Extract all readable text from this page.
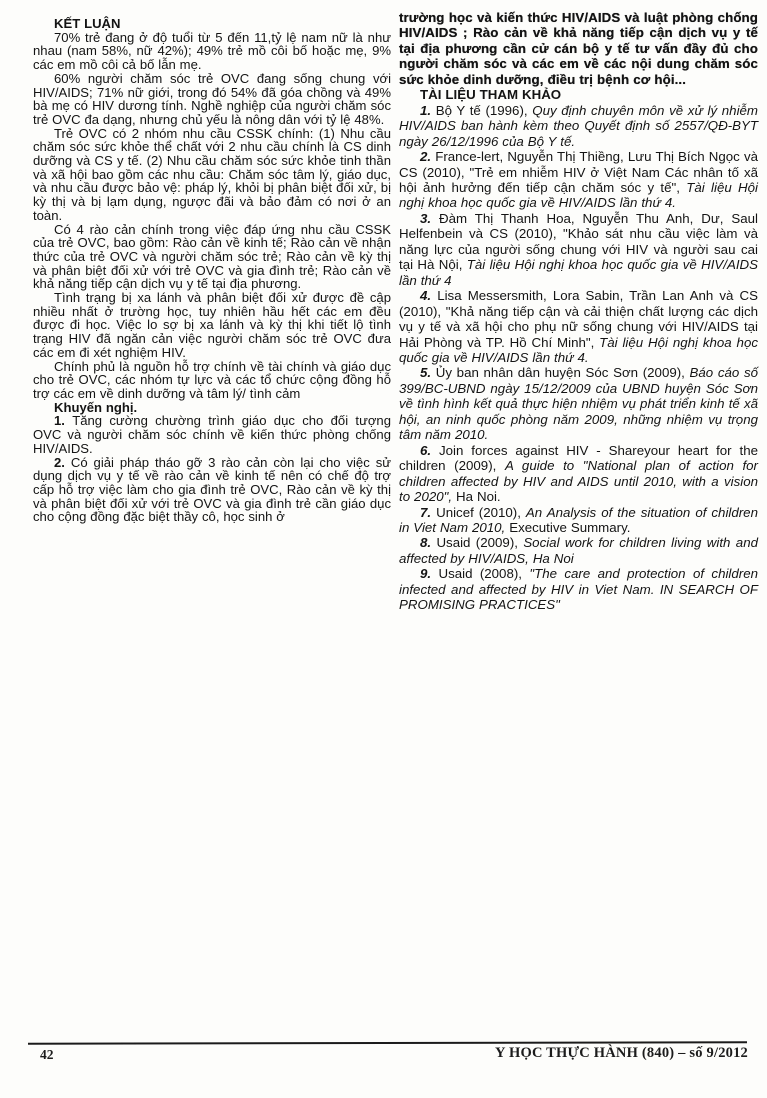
KẾT LUẬN

70% trẻ đang ở độ tuổi từ 5 đến 11,tỷ lệ nam nữ là như nhau (nam 58%, nữ 42%); 49% trẻ mồ côi bố hoặc mẹ, 9% các em mồ côi cả bố lẫn mẹ.

60% người chăm sóc trẻ OVC đang sống chung với HIV/AIDS; 71% nữ giới, trong đó 54% đã góa chồng và 49% bà mẹ có HIV dương tính. Nghề nghiệp của người chăm sóc trẻ OVC đa dạng, nhưng chủ yếu là nông dân với tỷ lệ 48%.

Trẻ OVC có 2 nhóm nhu cầu CSSK chính: (1) Nhu cầu chăm sóc sức khỏe thể chất với 2 nhu cầu chính là CS dinh dưỡng và CS y tế. (2) Nhu cầu chăm sóc sức khỏe tinh thần và xã hội bao gồm các nhu cầu: Chăm sóc tâm lý, giáo dục, và nhu cầu được bảo vệ: pháp lý, khỏi bị phân biệt đối xử, bị kỳ thị và bị lạm dụng, ngược đãi và bảo đảm có nơi ở an toàn.

Có 4 rào cản chính trong việc đáp ứng nhu cầu CSSK của trẻ OVC, bao gồm: Rào cản về kinh tế; Rào cản về nhận thức của trẻ OVC và người chăm sóc trẻ; Rào cản về kỳ thị và phân biệt đối xử với trẻ OVC và gia đình trẻ; Rào cản về khả năng tiếp cận dịch vụ y tế tại địa phương.

Tình trạng bị xa lánh và phân biệt đối xử được đề cập nhiều nhất ở trường học, tuy nhiên hầu hết các em đều được đi học. Việc lo sợ bị xa lánh và kỳ thị khi tiết lộ tình trạng HIV đã ngăn cản việc người chăm sóc trẻ OVC đưa các em đi xét nghiệm HIV.

Chính phủ là nguồn hỗ trợ chính về tài chính và giáo dục cho trẻ OVC, các nhóm tự lực và các tổ chức cộng đồng hỗ trợ các em về dinh dưỡng và tâm lý/ tình cảm

Khuyến nghị.

1. Tăng cường chường trình giáo dục cho đối tượng OVC và người chăm sóc chính về kiến thức phòng chống HIV/AIDS.

2. Có giải pháp tháo gỡ 3 rào cản còn lại cho việc sử dụng dịch vụ y tế về rào cản về kinh tế nên có chế độ trợ cấp hỗ trợ việc làm cho gia đình trẻ OVC, Rào cản về kỳ thị và phân biệt đối xử với trẻ OVC và gia đình trẻ cần giáo dục cho cộng đồng đặc biệt thầy cô, học sinh ở

trường học và kiến thức HIV/AIDS và luật phòng chống HIV/AIDS ; Rào cản về khả năng tiếp cận dịch vụ y tế tại địa phương cần cử cán bộ y tế tư vấn đầy đủ cho người chăm sóc và các em về các nội dung chăm sóc sức khỏe dinh dưỡng, điều trị bệnh cơ hội...

TÀI LIỆU THAM KHẢO

1. Bộ Y tế (1996), Quy định chuyên môn về xử lý nhiễm HIV/AIDS ban hành kèm theo Quyết định số 2557/QĐ-BYT ngày 26/12/1996 của Bộ Y tế.

2. France-lert, Nguyễn Thị Thiềng, Lưu Thị Bích Ngọc và CS (2010), "Trẻ em nhiễm HIV ở Việt Nam Các nhân tố xã hội ảnh hưởng đến tiếp cận chăm sóc y tế", Tài liệu Hội nghị khoa học quốc gia về HIV/AIDS lần thứ 4.

3. Đàm Thị Thanh Hoa, Nguyễn Thu Anh, Dư, Saul Helfenbein và CS (2010), "Khảo sát nhu cầu việc làm và năng lực của người sống chung với HIV và người sau cai tại Hà Nội, Tài liệu Hội nghị khoa học quốc gia về HIV/AIDS lần thứ 4

4. Lisa Messersmith, Lora Sabin, Trần Lan Anh và CS (2010), "Khả năng tiếp cận và cải thiện chất lượng các dịch vụ y tế và xã hội cho phụ nữ sống chung với HIV/AIDS tại Hải Phòng và TP. Hồ Chí Minh", Tài liệu Hội nghị khoa học quốc gia về HIV/AIDS lần thứ 4.

5. Ủy ban nhân dân huyện Sóc Sơn (2009), Báo cáo số 399/BC-UBND ngày 15/12/2009 của UBND huyện Sóc Sơn về tình hình kết quả thực hiện nhiệm vụ phát triển kinh tế xã hội, an ninh quốc phòng năm 2009, những nhiệm vụ trọng tâm năm 2010.

6. Join forces against HIV - Shareyour heart for the children (2009), A guide to "National plan of action for children affected by HIV and AIDS until 2010, with a vision to 2020", Ha Noi.

7. Unicef (2010), An Analysis of the situation of children in Viet Nam 2010, Executive Summary.

8. Usaid (2009), Social work for children living with and affected by HIV/AIDS, Ha Noi

9. Usaid (2008), "The care and protection of children infected and affected by HIV in Viet Nam. IN SEARCH OF PROMISING PRACTICES"

42	Y HỌC THỰC HÀNH (840) – số 9/2012
